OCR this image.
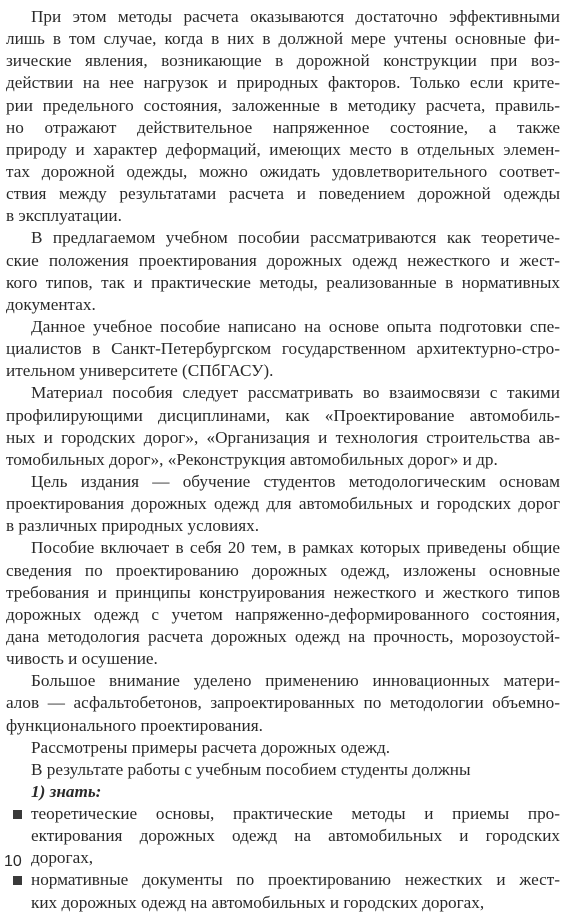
При этом методы расчета оказываются достаточно эффективными
лишь в том случае, когда в них в должной мере учтены основные фи-
зические явления, возникающие в дорожной конструкции при воз-
действии на нее нагрузок и природных факторов. Только если крите-
рии предельного состояния, заложенные в методику расчета, правиль-
но отражают действительное напряженное состояние, а также
природу и характер деформаций, имеющих место в отдельных элемен-
тах дорожной одежды, можно ожидать удовлетворительного соответ-
ствия между результатами расчета и поведением дорожной одежды
в эксплуатации.
В предлагаемом учебном пособии рассматриваются как теоретиче-
ские положения проектирования дорожных одежд нежесткого и жест-
кого типов, так и практические методы, реализованные в нормативных
документах.
Данное учебное пособие написано на основе опыта подготовки спе-
циалистов в Санкт-Петербургском государственном архитектурно-стро-
ительном университете (СПбГАСУ).
Материал пособия следует рассматривать во взаимосвязи с такими
профилирующими дисциплинами, как «Проектирование автомобиль-
ных и городских дорог», «Организация и технология строительства ав-
томобильных дорог», «Реконструкция автомобильных дорог» и др.
Цель издания — обучение студентов методологическим основам
проектирования дорожных одежд для автомобильных и городских дорог
в различных природных условиях.
Пособие включает в себя 20 тем, в рамках которых приведены общие
сведения по проектированию дорожных одежд, изложены основные
требования и принципы конструирования нежесткого и жесткого типов
дорожных одежд с учетом напряженно-деформированного состояния,
дана методология расчета дорожных одежд на прочность, морозоустой-
чивость и осушение.
Большое внимание уделено применению инновационных матери-
алов — асфальтобетонов, запроектированных по методологии объемно-
функционального проектирования.
Рассмотрены примеры расчета дорожных одежд.
В результате работы с учебным пособием студенты должны
1) знать:
теоретические основы, практические методы и приемы про-
ектирования дорожных одежд на автомобильных и городских
дорогах,
нормативные документы по проектированию нежестких и жест-
ких дорожных одежд на автомобильных и городских дорогах,
10
